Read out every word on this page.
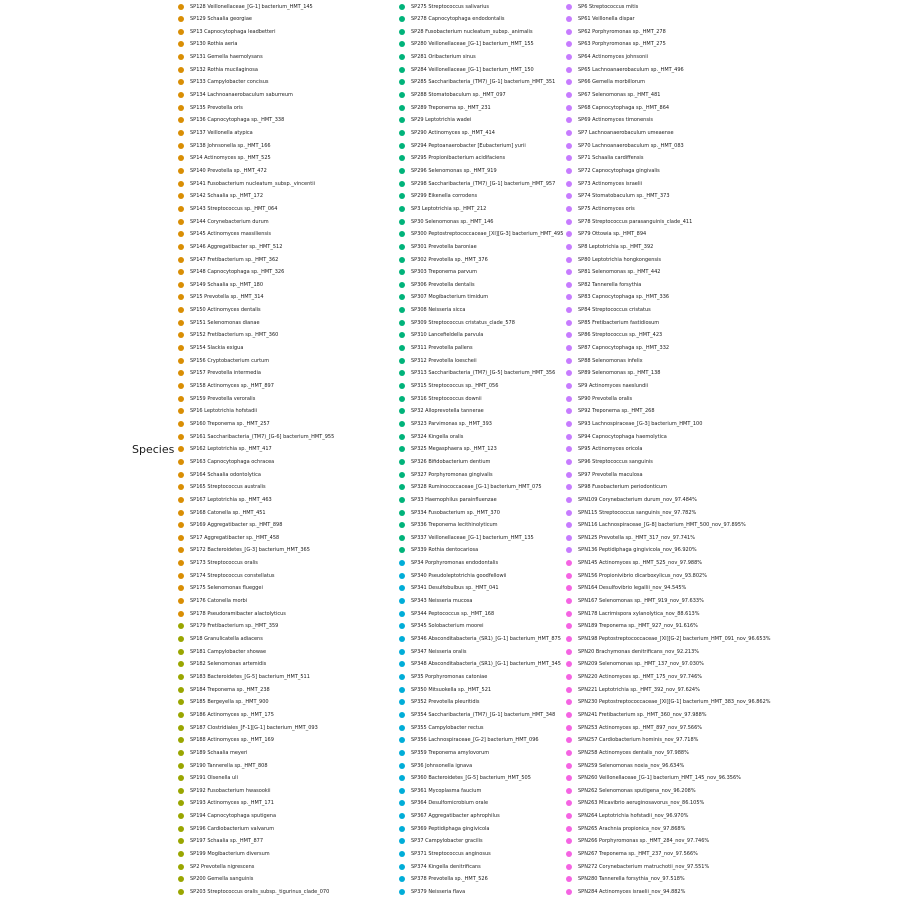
Species
SP128 Veillonellaceae_[G-1] bacterium_HMT_145
SP129 Schaalia georgiae
SP13 Capnocytophaga leadbetteri
SP130 Rothia aeria
SP131 Gemella haemolysans
SP132 Rothia mucilaginosa
SP133 Campylobacter concisus
SP134 Lachnoanaerobaculum saburreum
SP135 Prevotella oris
SP136 Capnocytophaga sp._HMT_338
SP137 Veillonella atypica
SP138 Johnsonella sp._HMT_166
SP14 Actinomyces sp._HMT_525
SP140 Prevotella sp._HMT_472
SP141 Fusobacterium nucleatum_subsp._vincentii
SP142 Schaalia sp._HMT_172
SP143 Streptococcus sp._HMT_064
SP144 Corynebacterium durum
SP145 Actinomyces massiliensis
SP146 Aggregatibacter sp._HMT_512
SP147 Fretibacterium sp._HMT_362
SP148 Capnocytophaga sp._HMT_326
SP149 Schaalia sp._HMT_180
SP15 Prevotella sp._HMT_314
SP150 Actinomyces dentalis
SP151 Selenomonas dianae
SP152 Fretibacterium sp._HMT_360
SP154 Slackia exigua
SP156 Cryptobacterium curtum
SP157 Prevotella intermedia
SP158 Actinomyces sp._HMT_897
SP159 Prevotella veroralis
SP16 Leptotrichia hofstadii
SP160 Treponema sp._HMT_257
SP161 Saccharibacteria_(TM7)_[G-6] bacterium_HMT_955
SP162 Leptotrichia sp._HMT_417
SP163 Capnocytophaga ochracea
SP164 Schaalia odontolytica
SP165 Streptococcus australis
SP167 Leptotrichia sp._HMT_463
SP168 Catonella sp._HMT_451
SP169 Aggregatibacter sp._HMT_898
SP17 Aggregatibacter sp._HMT_458
SP172 Bacteroidetes_[G-3] bacterium_HMT_365
SP173 Streptococcus oralis
SP174 Streptococcus constellatus
SP175 Selenomonas flueggei
SP176 Catonella morbi
SP178 Pseudoramibacter alactolyticus
SP179 Fretibacterium sp._HMT_359
SP18 Granulicatella adiacens
SP181 Campylobacter showae
SP182 Selenomonas artemidis
SP183 Bacteroidetes_[G-5] bacterium_HMT_511
SP184 Treponema sp._HMT_238
SP185 Bergeyella sp._HMT_900
SP186 Actinomyces sp._HMT_175
SP187 Clostridiales_[F-1][G-1] bacterium_HMT_093
SP188 Actinomyces sp._HMT_169
SP189 Schaalia meyeri
SP190 Tannerella sp._HMT_808
SP191 Olsenella uli
SP192 Fusobacterium hwasookii
SP193 Actinomyces sp._HMT_171
SP194 Capnocytophaga sputigena
SP196 Cardiobacterium valvarum
SP197 Schaalia sp._HMT_877
SP199 Mogibacterium diversum
SP2 Prevotella nigrescens
SP200 Gemella sanguinis
SP203 Streptococcus oralis_subsp._tigurinus_clade_070
SP275 Streptococcus salivarius
SP278 Capnocytophaga endodontalis
SP28 Fusobacterium nucleatum_subsp._animalis
SP280 Veillonellaceae_[G-1] bacterium_HMT_155
SP281 Oribacterium sinus
SP284 Veillonellaceae_[G-1] bacterium_HMT_150
SP285 Saccharibacteria_(TM7)_[G-1] bacterium_HMT_351
SP288 Stomatobaculum sp._HMT_097
SP289 Treponema sp._HMT_231
SP29 Leptotrichia wadei
SP290 Actinomyces sp._HMT_414
SP294 Peptoanaerobacter [Eubacterium] yurii
SP295 Propionibacterium acidifaciens
SP296 Selenomonas sp._HMT_919
SP298 Saccharibacteria_(TM7)_[G-1] bacterium_HMT_957
SP299 Eikenella corrodens
SP3 Leptotrichia sp._HMT_212
SP30 Selenomonas sp._HMT_146
SP300 Peptostreptococcaceae_[XI][G-3] bacterium_HMT_495
SP301 Prevotella baroniae
SP302 Prevotella sp._HMT_376
SP303 Treponema parvum
SP306 Prevotella dentalis
SP307 Mogibacterium timidum
SP308 Neisseria sicca
SP309 Streptococcus cristatus_clade_578
SP310 Lancefieldella parvula
SP311 Prevotella pallens
SP312 Prevotella loescheii
SP313 Saccharibacteria_(TM7)_[G-5] bacterium_HMT_356
SP315 Streptococcus sp._HMT_056
SP316 Streptococcus downii
SP32 Alloprevotella tannerae
SP323 Parvimonas sp._HMT_393
SP324 Kingella oralis
SP325 Megasphaera sp._HMT_123
SP326 Bifidobacterium dentium
SP327 Porphyromonas gingivalis
SP328 Ruminococcaceae_[G-1] bacterium_HMT_075
SP33 Haemophilus parainfluenzae
SP334 Fusobacterium sp._HMT_370
SP336 Treponema lecithinolyticum
SP337 Veillonellaceae_[G-1] bacterium_HMT_135
SP339 Rothia dentocariosa
SP34 Porphyromonas endodontalis
SP340 Pseudoleptotrichia goodfellowii
SP341 Desulfobulbus sp._HMT_041
SP343 Neisseria mucosa
SP344 Peptococcus sp._HMT_168
SP345 Solobacterium moorei
SP346 Absconditabacteria_(SR1)_[G-1] bacterium_HMT_875
SP347 Neisseria oralis
SP348 Absconditabacteria_(SR1)_[G-1] bacterium_HMT_345
SP35 Porphyromonas catoniae
SP350 Mitsuokella sp._HMT_521
SP352 Prevotella pleuritidis
SP354 Saccharibacteria_(TM7)_[G-1] bacterium_HMT_348
SP355 Campylobacter rectus
SP356 Lachnospiraceae_[G-2] bacterium_HMT_096
SP359 Treponema amylovorum
SP36 Johnsonella ignava
SP360 Bacteroidetes_[G-5] bacterium_HMT_505
SP361 Mycoplasma faucium
SP364 Desulfomicrobium orale
SP367 Aggregatibacter aphrophilus
SP369 Peptidiphaga gingivicola
SP37 Campylobacter gracilis
SP371 Streptococcus anginosus
SP374 Kingella denitrificans
SP378 Prevotella sp._HMT_526
SP379 Neisseria flava
SP6 Streptococcus mitis
SP61 Veillonella dispar
SP62 Porphyromonas sp._HMT_278
SP63 Porphyromonas sp._HMT_275
SP64 Actinomyces johnsonii
SP65 Lachnoanaerobaculum sp._HMT_496
SP66 Gemella morbillorum
SP67 Selenomonas sp._HMT_481
SP68 Capnocytophaga sp._HMT_864
SP69 Actinomyces timonensis
SP7 Lachnoanaerobaculum umeaense
SP70 Lachnoanaerobaculum sp._HMT_083
SP71 Schaalia cardiffensis
SP72 Capnocytophaga gingivalis
SP73 Actinomyces israelii
SP74 Stomatobaculum sp._HMT_373
SP75 Actinomyces oris
SP78 Streptococcus parasanguinis_clade_411
SP79 Ottowia sp._HMT_894
SP8 Leptotrichia sp._HMT_392
SP80 Leptotrichia hongkongensis
SP81 Selenomonas sp._HMT_442
SP82 Tannerella forsythia
SP83 Capnocytophaga sp._HMT_336
SP84 Streptococcus cristatus
SP85 Fretibacterium fastidiosum
SP86 Streptococcus sp._HMT_423
SP87 Capnocytophaga sp._HMT_332
SP88 Selenomonas infelix
SP89 Selenomonas sp._HMT_138
SP9 Actinomyces naeslundii
SP90 Prevotella oralis
SP92 Treponema sp._HMT_268
SP93 Lachnospiraceae_[G-3] bacterium_HMT_100
SP94 Capnocytophaga haemolytica
SP95 Actinomyces oricola
SP96 Streptococcus sanguinis
SP97 Prevotella maculosa
SP98 Fusobacterium periodonticum
SPN109 Corynebacterium durum_nov_97.484%
SPN115 Streptococcus sanguinis_nov_97.782%
SPN116 Lachnospiraceae_[G-8] bacterium_HMT_500_nov_97.895%
SPN125 Prevotella sp._HMT_317_nov_97.741%
SPN136 Peptidiphaga gingivicola_nov_96.920%
SPN145 Actinomyces sp._HMT_525_nov_97.988%
SPN156 Propionivibrio dicarboxylicus_nov_93.802%
SPN164 Desulfovibrio legallii_nov_94.545%
SPN167 Selenomonas sp._HMT_919_nov_97.633%
SPN178 Lacrimispora xylanolytica_nov_88.613%
SPN189 Treponema sp._HMT_927_nov_91.616%
SPN198 Peptostreptococcaceae_[XI][G-2] bacterium_HMT_091_nov_96.653%
SPN20 Brachymonas denitrificans_nov_92.213%
SPN209 Selenomonas sp._HMT_137_nov_97.030%
SPN220 Actinomyces sp._HMT_175_nov_97.746%
SPN221 Leptotrichia sp._HMT_392_nov_97.624%
SPN230 Peptostreptococcaceae_[XI][G-1] bacterium_HMT_383_nov_96.862%
SPN241 Fretibacterium sp._HMT_360_nov_97.988%
SPN253 Actinomyces sp._HMT_897_nov_97.566%
SPN257 Cardiobacterium hominis_nov_97.718%
SPN258 Actinomyces dentalis_nov_97.988%
SPN259 Selenomonas noxia_nov_96.634%
SPN260 Veillonellaceae_[G-1] bacterium_HMT_145_nov_96.356%
SPN262 Selenomonas sputigena_nov_96.208%
SPN263 Micavibrio aeruginosavorus_nov_86.105%
SPN264 Leptotrichia hofstadii_nov_96.970%
SPN265 Arachnia propionica_nov_97.868%
SPN266 Porphyromonas sp._HMT_284_nov_97.746%
SPN267 Treponema sp._HMT_237_nov_97.566%
SPN272 Corynebacterium matruchotii_nov_97.551%
SPN280 Tannerella forsythia_nov_97.518%
SPN284 Actinomyces israelii_nov_94.882%
